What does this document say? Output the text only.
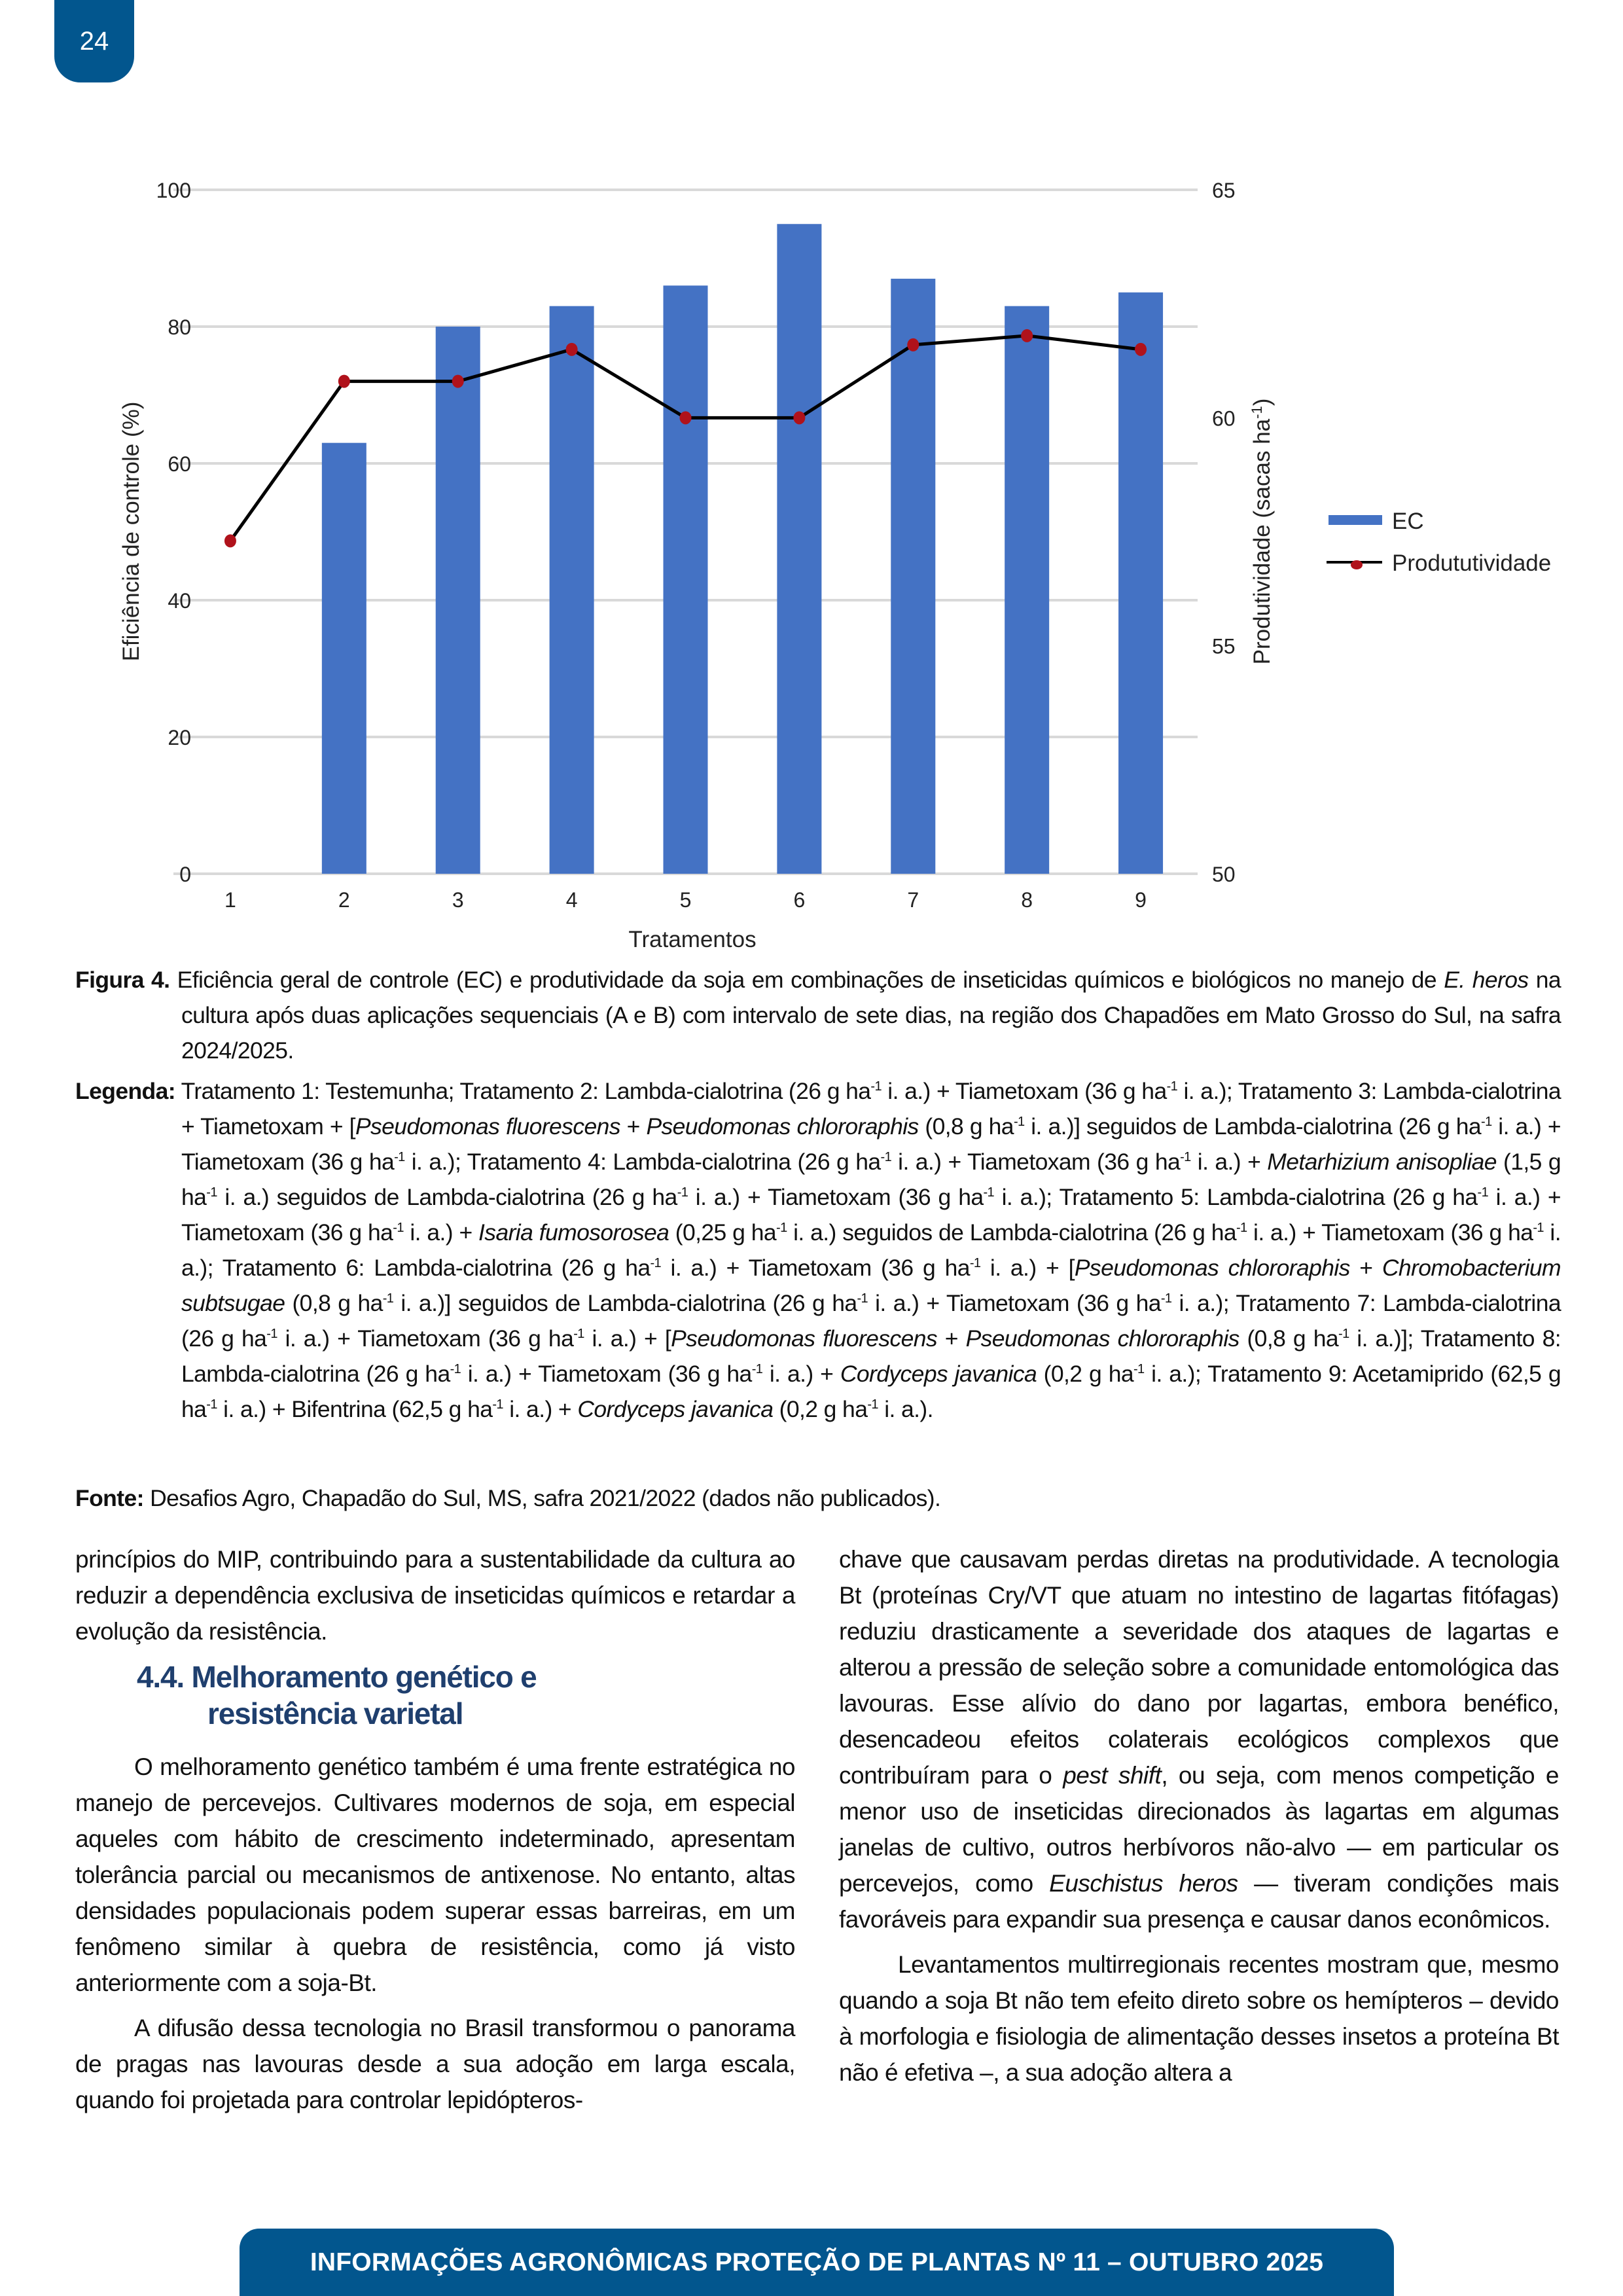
24
0
20
40
60
80
100
50
55
60
65
1	2	3	4	5	6	7	8	9
Eficiência de controle (%)	Produtividade (sacas $ha^{-1}$)
Tratamentos
EC
Prodututividade
Figura 4. Eficiência geral de controle (EC) e produtividade da soja em combinações de inseticidas químicos e biológicos no manejo de E. heros na cultura após duas aplicações sequenciais (A e B) com intervalo de sete dias, na região dos Chapadões em Mato Grosso do Sul, na safra 2024/2025.
Legenda: Tratamento 1: Testemunha; Tratamento 2: Lambda-cialotrina (26 g $ha^{-1}$ i. a.) + Tiametoxam (36 g $ha^{-1}$ i. a.); Tratamento 3: Lambda-cialotrina + Tiametoxam + [Pseudomonas fluorescens + Pseudomonas chlororaphis (0,8 g $ha^{-1}$ i. a.)] seguidos de Lambda-cialotrina (26 g $ha^{-1}$ i. a.) + Tiametoxam (36 g $ha^{-1}$ i. a.); Tratamento 4: Lambda-cialotrina (26 g $ha^{-1}$ i. a.) + Tiametoxam (36 g $ha^{-1}$ i. a.) + Metarhizium anisopliae (1,5 g $ha^{-1}$ i. a.) seguidos de Lambda-cialotrina (26 g $ha^{-1}$ i. a.) + Tiametoxam (36 g $ha^{-1}$ i. a.); Tratamento 5: Lambda-cialotrina (26 g $ha^{-1}$ i. a.) + Tiametoxam (36 g $ha^{-1}$ i. a.) + Isaria fumosorosea (0,25 g $ha^{-1}$ i. a.) seguidos de Lambda-cialotrina (26 g $ha^{-1}$ i. a.) + Tiametoxam (36 g $ha^{-1}$ i. a.); Tratamento 6: Lambda-cialotrina (26 g $ha^{-1}$ i. a.) + Tiametoxam (36 g $ha^{-1}$ i. a.) + [Pseudomonas chlororaphis + Chromobacterium subtsugae (0,8 g $ha^{-1}$ i. a.)] seguidos de Lambda-cialotrina (26 g $ha^{-1}$ i. a.) + Tiametoxam (36 g $ha^{-1}$ i. a.); Tratamento 7: Lambda-cialotrina (26 g $ha^{-1}$ i. a.) + Tiametoxam (36 g $ha^{-1}$ i. a.) + [Pseudomonas fluorescens + Pseudomonas chlororaphis (0,8 g $ha^{-1}$ i. a.)]; Tratamento 8: Lambda-cialotrina (26 g $ha^{-1}$ i. a.) + Tiametoxam (36 g $ha^{-1}$ i. a.) + Cordyceps javanica (0,2 g $ha^{-1}$ i. a.); Tratamento 9: Acetamiprido (62,5 g $ha^{-1}$ i. a.) + Bifentrina (62,5 g $ha^{-1}$ i. a.) + Cordyceps javanica (0,2 g $ha^{-1}$ i. a.).
Fonte: Desafios Agro, Chapadão do Sul, MS, safra 2021/2022 (dados não publicados).

princípios do MIP, contribuindo para a sustentabilidade da cultura ao reduzir a dependência exclusiva de inseticidas químicos e retardar a evolução da resistência.

4.4. Melhoramento genético e
resistência varietal

O melhoramento genético também é uma frente estratégica no manejo de percevejos. Cultivares modernos de soja, em especial aqueles com hábito de crescimento indeterminado, apresentam tolerância parcial ou mecanismos de antixenose. No entanto, altas densidades populacionais podem superar essas barreiras, em um fenômeno similar à quebra de resistência, como já visto anteriormente com a soja-Bt.

A difusão dessa tecnologia no Brasil transformou o panorama de pragas nas lavouras desde a sua adoção em larga escala, quando foi projetada para controlar lepidópteros-

chave que causavam perdas diretas na produtividade. A tecnologia Bt (proteínas Cry/VT que atuam no intestino de lagartas fitófagas) reduziu drasticamente a severidade dos ataques de lagartas e alterou a pressão de seleção sobre a comunidade entomológica das lavouras. Esse alívio do dano por lagartas, embora benéfico, desencadeou efeitos colaterais ecológicos complexos que contribuíram para o pest shift, ou seja, com menos competição e menor uso de inseticidas direcionados às lagartas em algumas janelas de cultivo, outros herbívoros não-alvo — em particular os percevejos, como Euschistus heros — tiveram condições mais favoráveis para expandir sua presença e causar danos econômicos.

Levantamentos multirregionais recentes mostram que, mesmo quando a soja Bt não tem efeito direto sobre os hemípteros – devido à morfologia e fisiologia de alimentação desses insetos a proteína Bt não é efetiva –, a sua adoção altera a

INFORMAÇÕES AGRONÔMICAS PROTEÇÃO DE PLANTAS Nº 11 – OUTUBRO 2025
